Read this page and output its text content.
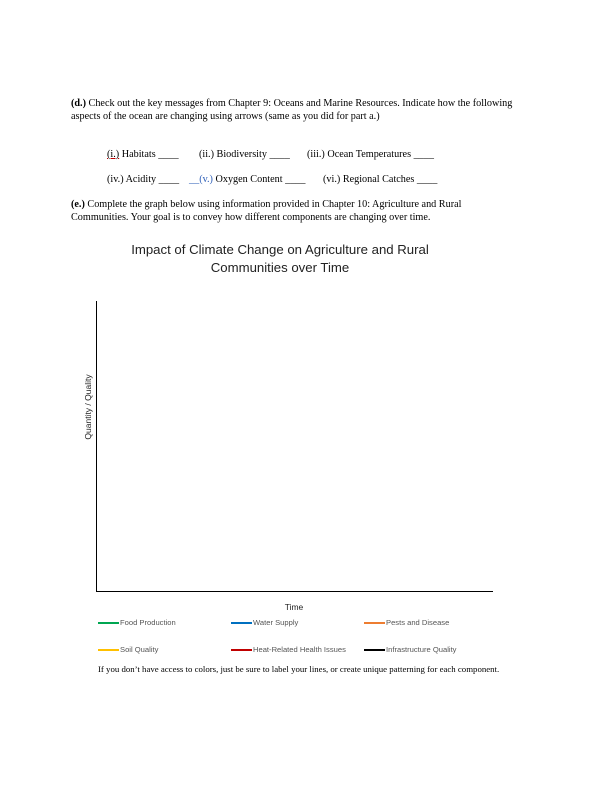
(d.) Check out the key messages from Chapter 9: Oceans and Marine Resources. Indicate how the following aspects of the ocean are changing using arrows (same as you did for part a.)
(i.) Habitats ____ (ii.) Biodiversity ____ (iii.) Ocean Temperatures ____
(iv.) Acidity ____ __(v.) Oxygen Content ____ (vi.) Regional Catches ____
(e.) Complete the graph below using information provided in Chapter 10: Agriculture and Rural Communities. Your goal is to convey how different components are changing over time.
Impact of Climate Change on Agriculture and Rural Communities over Time
Quantity / Quality
Time
Food Production	Water Supply	Pests and Disease
Soil Quality	Heat-Related Health Issues	Infrastructure Quality
If you don’t have access to colors, just be sure to label your lines, or create unique patterning for each component.
